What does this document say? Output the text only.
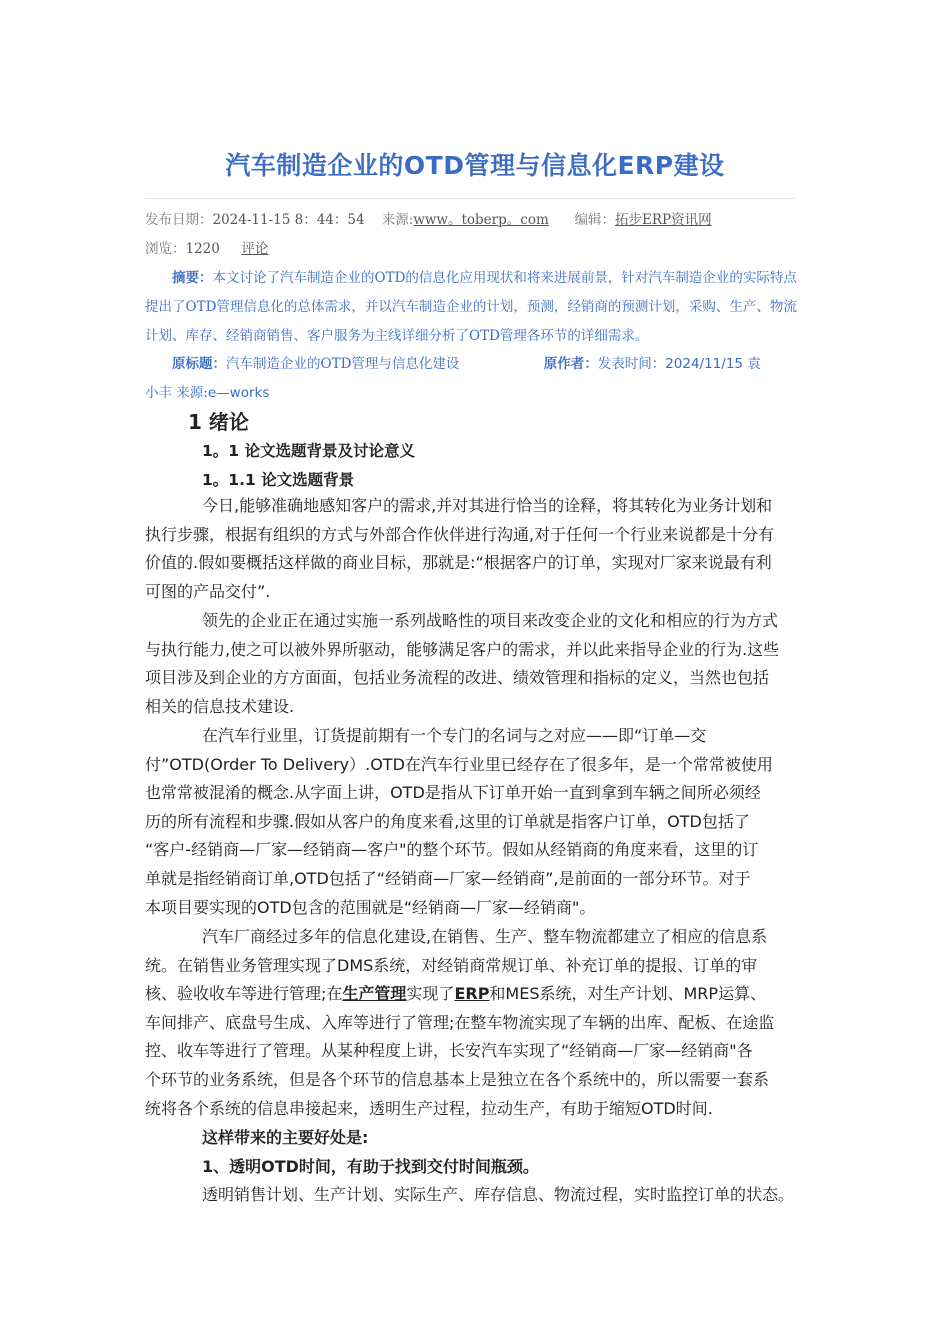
汽车制造企业的OTD管理与信息化ERP建设
发布日期：2024-11-15 8：44：54 来源:www。toberp。com 编辑：拓步ERP资讯网
浏览：1220 评论
摘要：本文讨论了汽车制造企业的OTD的信息化应用现状和将来进展前景，针对汽车制造企业的实际特点提出了OTD管理信息化的总体需求，并以汽车制造企业的计划，预测，经销商的预测计划，采购、生产、物流计划、库存、经销商销售、客户服务为主线详细分析了OTD管理各环节的详细需求。
原标题：汽车制造企业的OTD管理与信息化建设	原作者：发表时间：2024/11/15 袁
小丰 来源:e—works
1 绪论
1。1 论文选题背景及讨论意义
1。1.1 论文选题背景
今日,能够准确地感知客户的需求,并对其进行恰当的诠释，将其转化为业务计划和
执行步骤，根据有组织的方式与外部合作伙伴进行沟通,对于任何一个行业来说都是十分有
价值的.假如要概括这样做的商业目标，那就是:“根据客户的订单，实现对厂家来说最有利
可图的产品交付”.
领先的企业正在通过实施一系列战略性的项目来改变企业的文化和相应的行为方式
与执行能力,使之可以被外界所驱动，能够满足客户的需求，并以此来指导企业的行为.这些
项目涉及到企业的方方面面，包括业务流程的改进、绩效管理和指标的定义，当然也包括
相关的信息技术建设.
在汽车行业里，订货提前期有一个专门的名词与之对应——即“订单—交
付”OTD(Order To Delivery）.OTD在汽车行业里已经存在了很多年，是一个常常被使用
也常常被混淆的概念.从字面上讲，OTD是指从下订单开始一直到拿到车辆之间所必须经
历的所有流程和步骤.假如从客户的角度来看,这里的订单就是指客户订单，OTD包括了
“客户-经销商—厂家—经销商—客户"的整个环节。假如从经销商的角度来看，这里的订
单就是指经销商订单,OTD包括了“经销商—厂家—经销商”,是前面的一部分环节。对于
本项目要实现的OTD包含的范围就是“经销商—厂家—经销商"。
汽车厂商经过多年的信息化建设,在销售、生产、整车物流都建立了相应的信息系
统。在销售业务管理实现了DMS系统，对经销商常规订单、补充订单的提报、订单的审
核、验收收车等进行管理;在生产管理实现了ERP和MES系统，对生产计划、MRP运算、
车间排产、底盘号生成、入库等进行了管理;在整车物流实现了车辆的出库、配板、在途监
控、收车等进行了管理。从某种程度上讲，长安汽车实现了“经销商—厂家—经销商"各
个环节的业务系统，但是各个环节的信息基本上是独立在各个系统中的，所以需要一套系
统将各个系统的信息串接起来，透明生产过程，拉动生产，有助于缩短OTD时间.
这样带来的主要好处是:
1、透明OTD时间，有助于找到交付时间瓶颈。
透明销售计划、生产计划、实际生产、库存信息、物流过程，实时监控订单的状态。
